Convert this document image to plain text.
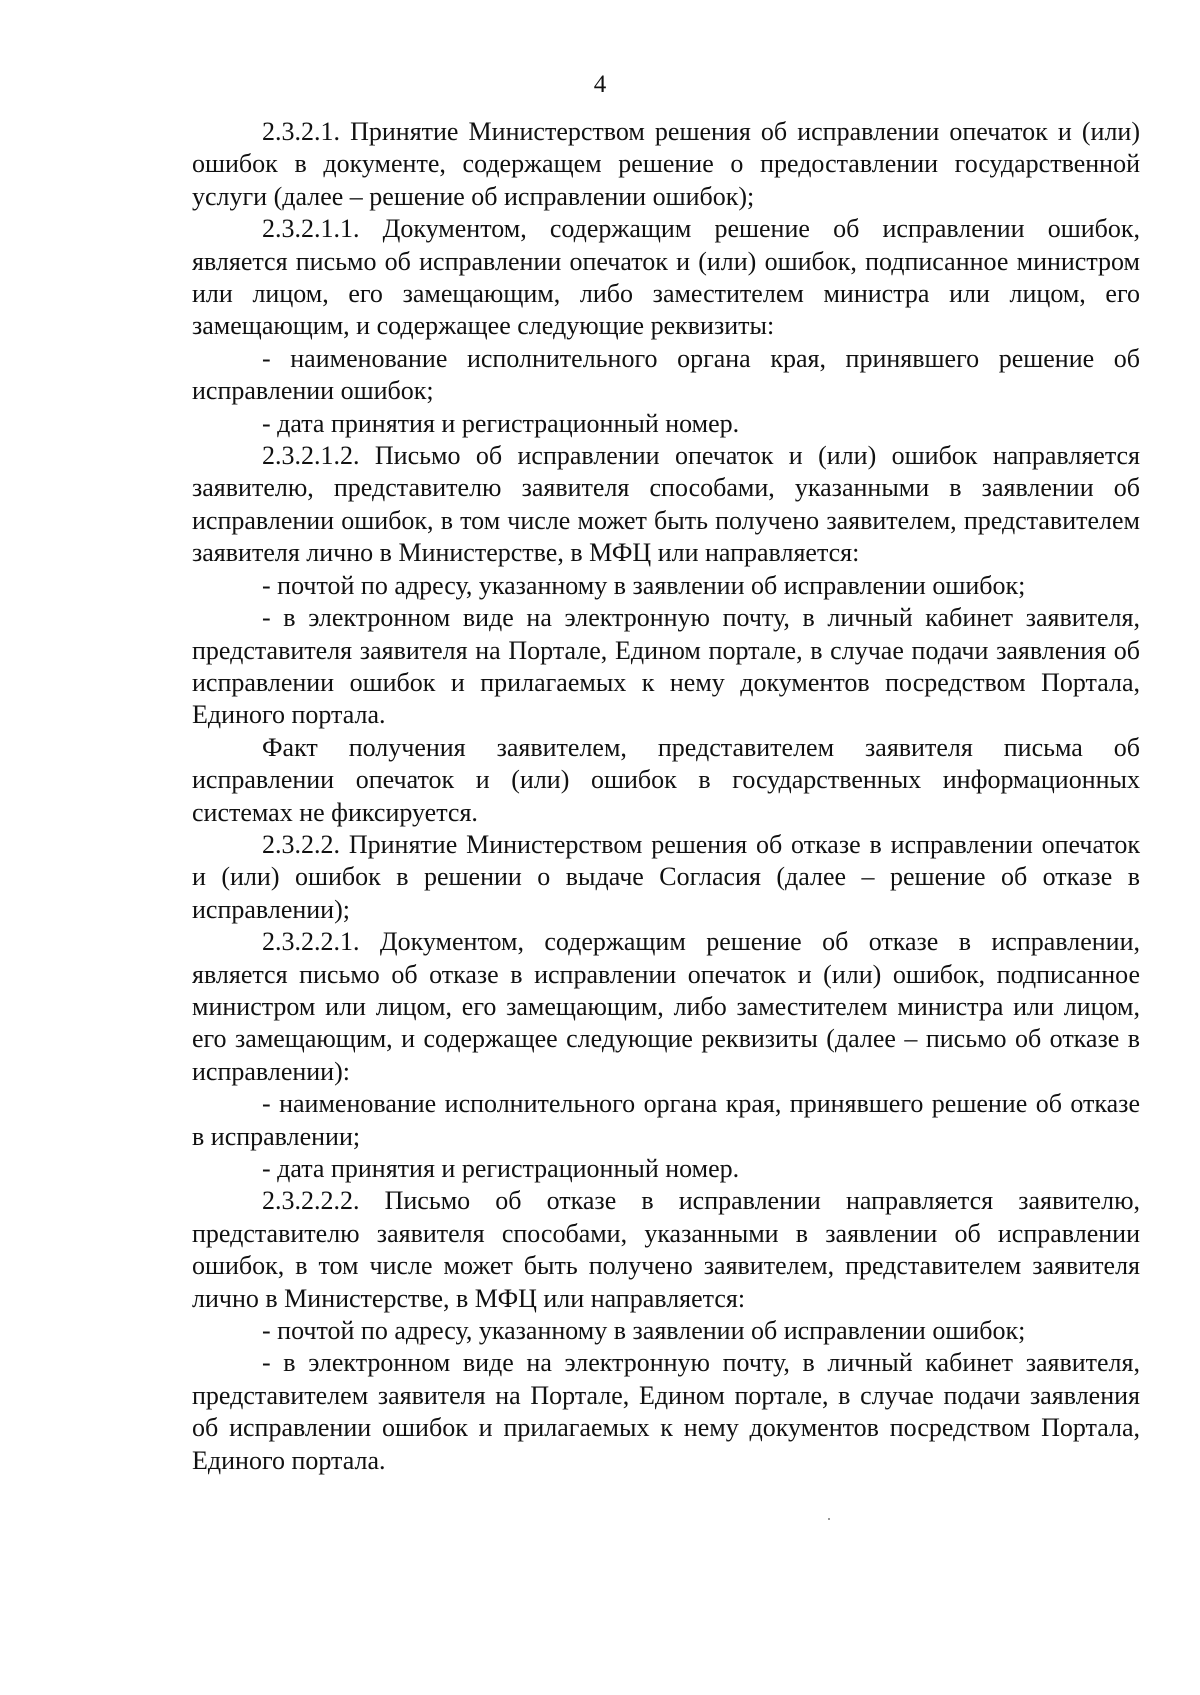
4

2.3.2.1. Принятие Министерством решения об исправлении опечаток и (или) ошибок в документе, содержащем решение о предоставлении государственной услуги (далее – решение об исправлении ошибок);

2.3.2.1.1. Документом, содержащим решение об исправлении ошибок, является письмо об исправлении опечаток и (или) ошибок, подписанное министром или лицом, его замещающим, либо заместителем министра или лицом, его замещающим, и содержащее следующие реквизиты:

- наименование исполнительного органа края, принявшего решение об исправлении ошибок;

- дата принятия и регистрационный номер.

2.3.2.1.2. Письмо об исправлении опечаток и (или) ошибок направляется заявителю, представителю заявителя способами, указанными в заявлении об исправлении ошибок, в том числе может быть получено заявителем, представителем заявителя лично в Министерстве, в МФЦ или направляется:

- почтой по адресу, указанному в заявлении об исправлении ошибок;

- в электронном виде на электронную почту, в личный кабинет заявителя, представителя заявителя на Портале, Едином портале, в случае подачи заявления об исправлении ошибок и прилагаемых к нему документов посредством Портала, Единого портала.

Факт получения заявителем, представителем заявителя письма об исправлении опечаток и (или) ошибок в государственных информационных системах не фиксируется.

2.3.2.2. Принятие Министерством решения об отказе в исправлении опечаток и (или) ошибок в решении о выдаче Согласия (далее – решение об отказе в исправлении);

2.3.2.2.1. Документом, содержащим решение об отказе в исправлении, является письмо об отказе в исправлении опечаток и (или) ошибок, подписанное министром или лицом, его замещающим, либо заместителем министра или лицом, его замещающим, и содержащее следующие реквизиты (далее – письмо об отказе в исправлении):

- наименование исполнительного органа края, принявшего решение об отказе в исправлении;

- дата принятия и регистрационный номер.

2.3.2.2.2. Письмо об отказе в исправлении направляется заявителю, представителю заявителя способами, указанными в заявлении об исправлении ошибок, в том числе может быть получено заявителем, представителем заявителя лично в Министерстве, в МФЦ или направляется:

- почтой по адресу, указанному в заявлении об исправлении ошибок;

- в электронном виде на электронную почту, в личный кабинет заявителя, представителем заявителя на Портале, Едином портале, в случае подачи заявления об исправлении ошибок и прилагаемых к нему документов посредством Портала, Единого портала.
